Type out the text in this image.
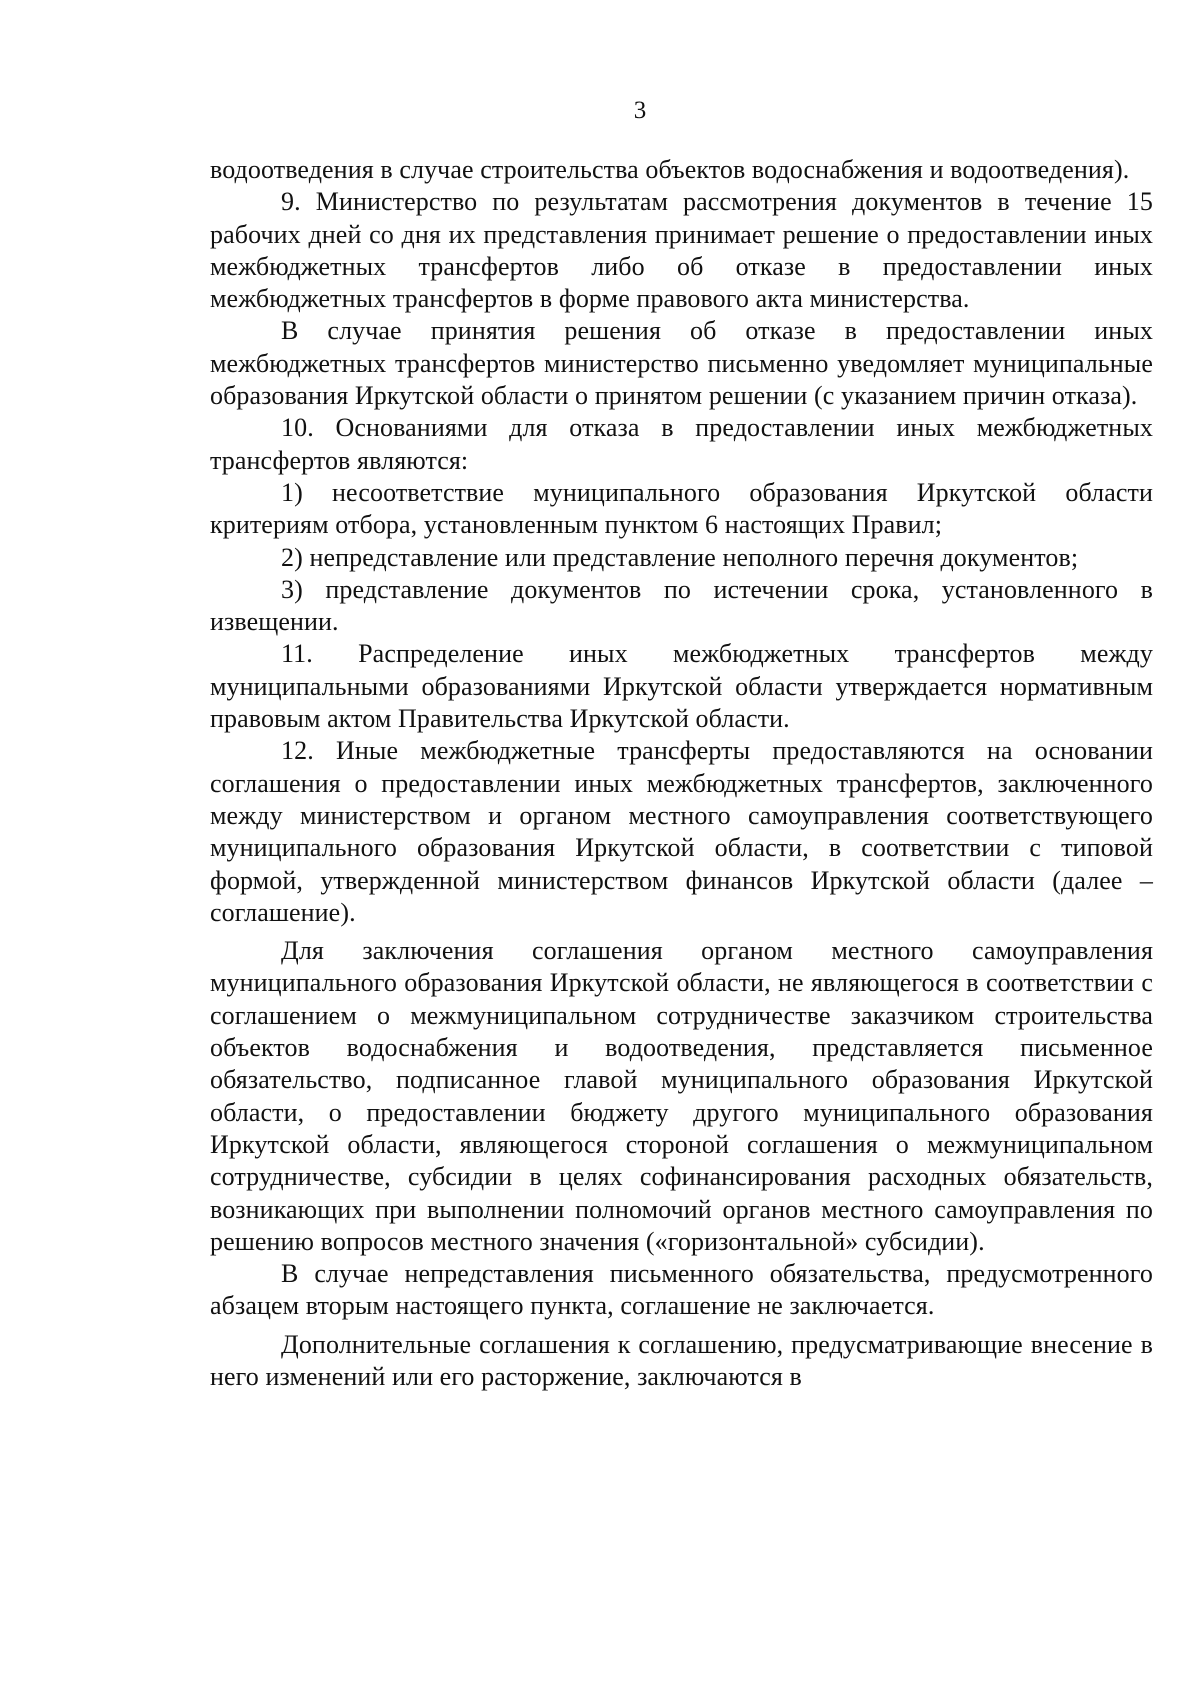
3

водоотведения в случае строительства объектов водоснабжения и водоотведения).

9. Министерство по результатам рассмотрения документов в течение 15 рабочих дней со дня их представления принимает решение о предоставлении иных межбюджетных трансфертов либо об отказе в предоставлении иных межбюджетных трансфертов в форме правового акта министерства.

В случае принятия решения об отказе в предоставлении иных межбюджетных трансфертов министерство письменно уведомляет муниципальные образования Иркутской области о принятом решении (с указанием причин отказа).

10. Основаниями для отказа в предоставлении иных межбюджетных трансфертов являются:

1) несоответствие муниципального образования Иркутской области критериям отбора, установленным пунктом 6 настоящих Правил;

2) непредставление или представление неполного перечня документов;

3) представление документов по истечении срока, установленного в извещении.

11. Распределение иных межбюджетных трансфертов между муниципальными образованиями Иркутской области утверждается нормативным правовым актом Правительства Иркутской области.

12. Иные межбюджетные трансферты предоставляются на основании соглашения о предоставлении иных межбюджетных трансфертов, заключенного между министерством и органом местного самоуправления соответствующего муниципального образования Иркутской области, в соответствии с типовой формой, утвержденной министерством финансов Иркутской области (далее – соглашение).

Для заключения соглашения органом местного самоуправления муниципального образования Иркутской области, не являющегося в соответствии с соглашением о межмуниципальном сотрудничестве заказчиком строительства объектов водоснабжения и водоотведения, представляется письменное обязательство, подписанное главой муниципального образования Иркутской области, о предоставлении бюджету другого муниципального образования Иркутской области, являющегося стороной соглашения о межмуниципальном сотрудничестве, субсидии в целях софинансирования расходных обязательств, возникающих при выполнении полномочий органов местного самоуправления по решению вопросов местного значения («горизонтальной» субсидии).

В случае непредставления письменного обязательства, предусмотренного абзацем вторым настоящего пункта, соглашение не заключается.

Дополнительные соглашения к соглашению, предусматривающие внесение в него изменений или его расторжение, заключаются в
